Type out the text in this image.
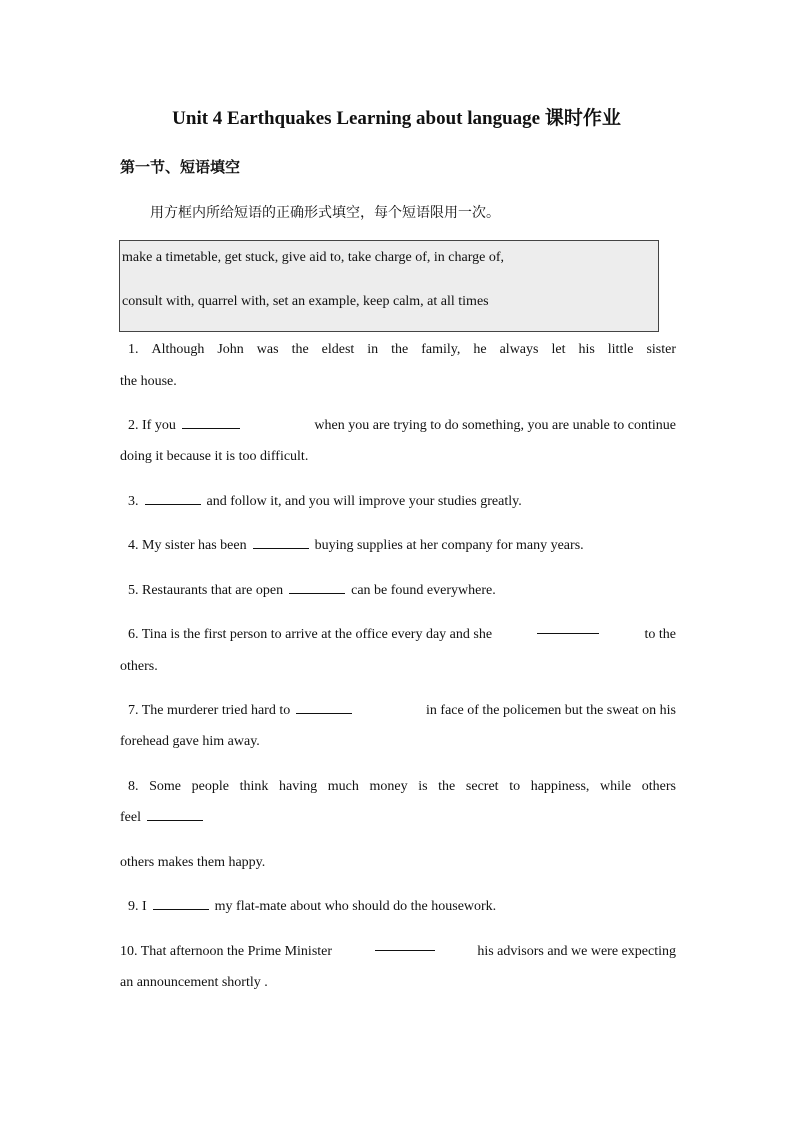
Unit 4 Earthquakes Learning about language 课时作业
第一节、短语填空
用方框内所给短语的正确形式填空，每个短语限用一次。
make a timetable, get stuck, give aid to, take charge of, in charge of,
consult with, quarrel with, set an example, keep calm, at all times
1. Although John was the eldest in the family, he always let his little sister
the house.
2. If you	when you are trying to do something, you are unable to continue
doing it because it is too difficult.
3.	and follow it, and you will improve your studies greatly.
4. My sister has been	buying supplies at her company for many years.
5. Restaurants that are open	can be found everywhere.
6. Tina is the first person to arrive at the office every day and she	to the
others.
7. The murderer tried hard to	in face of the policemen but the sweat on his
forehead gave him away.
8. Some people think having much money is the secret to happiness, while others
feel
others makes them happy.
9. I	my flat-mate about who should do the housework.
10. That afternoon the Prime Minister	his advisors and we were expecting
an announcement shortly .
